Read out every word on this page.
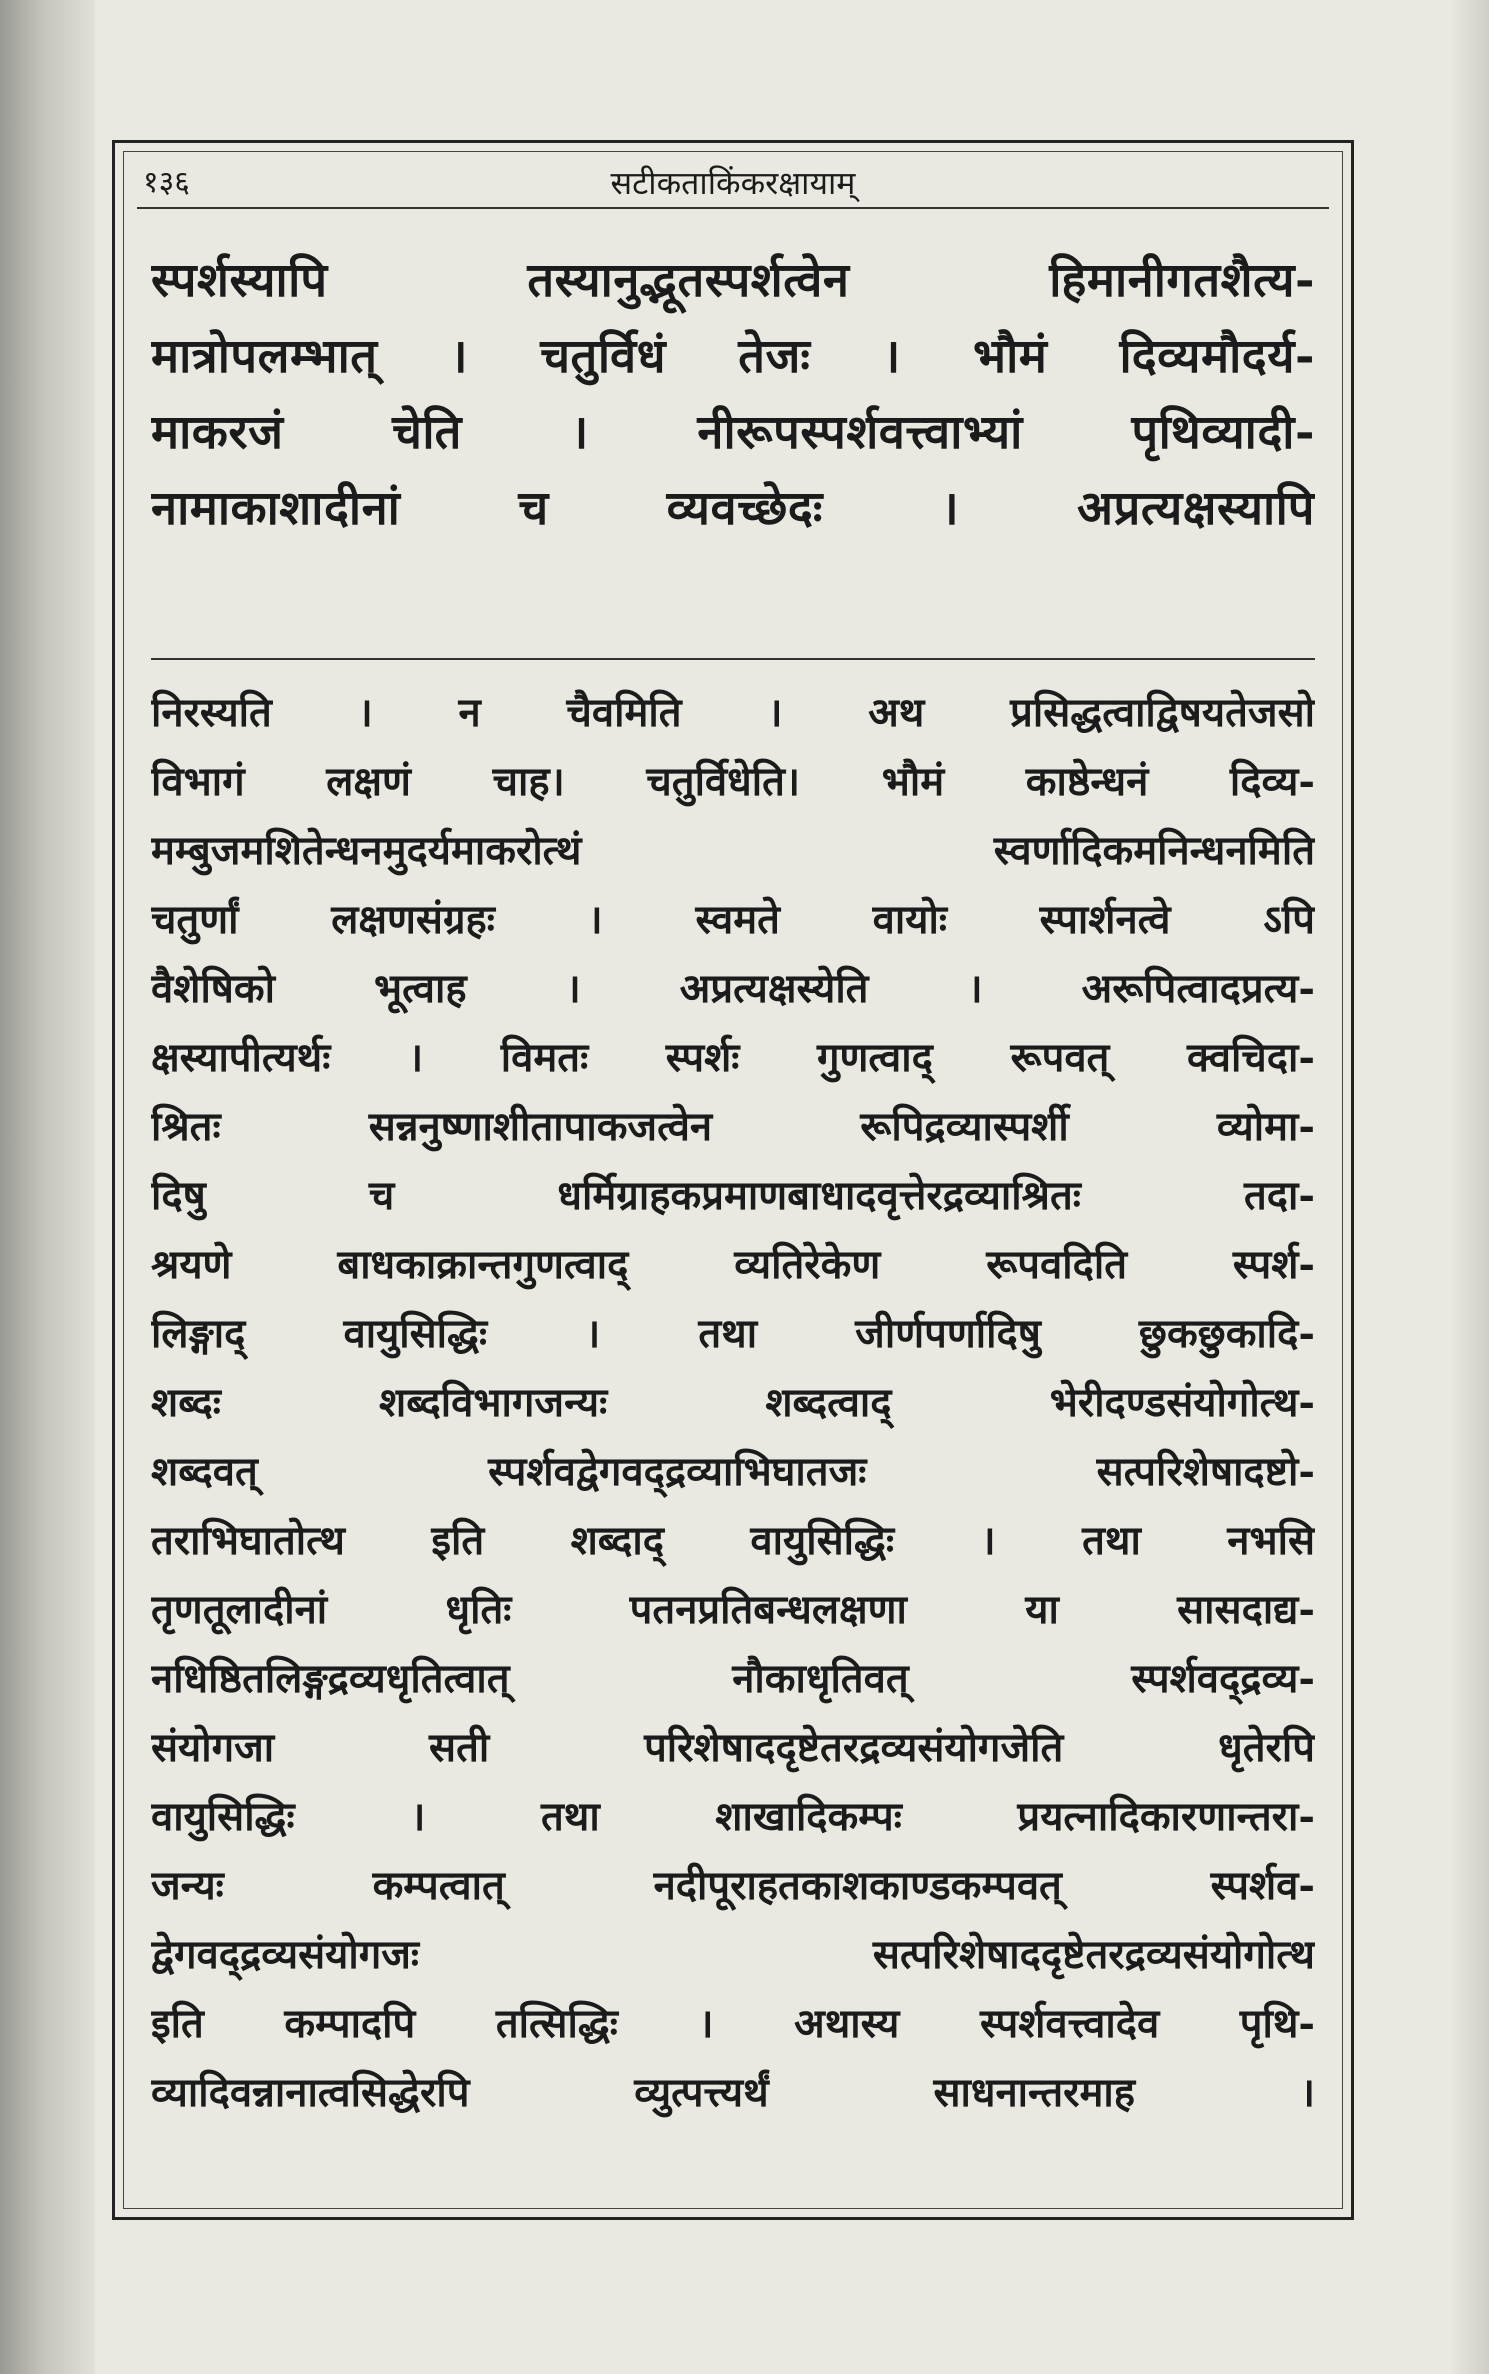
१३६	सटीकताकिंकरक्षायाम्
स्पर्शस्यापि तस्यानुद्भूतस्पर्शत्वेन हिमानीगतशैत्य-
मात्रोपलम्भात् । चतुर्विधं तेजः । भौमं दिव्यमौदर्य-
माकरजं चेति । नीरूपस्पर्शवत्त्वाभ्यां पृथिव्यादी-
नामाकाशादीनां च व्यवच्छेदः । अप्रत्यक्षस्यापि
निरस्यति । न चैवमिति । अथ प्रसिद्धत्वाद्विषयतेजसो
विभागं लक्षणं चाह। चतुर्विधेति। भौमं काष्ठेन्धनं दिव्य-
मम्बुजमशितेन्धनमुदर्यमाकरोत्थं स्वर्णादिकमनिन्धनमिति
चतुर्णां लक्षणसंग्रहः । स्वमते वायोः स्पार्शनत्वे ऽपि
वैशेषिको भूत्वाह । अप्रत्यक्षस्येति । अरूपित्वादप्रत्य-
क्षस्यापीत्यर्थः । विमतः स्पर्शः गुणत्वाद् रूपवत् क्वचिदा-
श्रितः सन्ननुष्णाशीतापाकजत्वेन रूपिद्रव्यास्पर्शी व्योमा-
दिषु च धर्मिग्राहकप्रमाणबाधादवृत्तेरद्रव्याश्रितः तदा-
श्रयणे बाधकाक्रान्तगुणत्वाद् व्यतिरेकेण रूपवदिति स्पर्श-
लिङ्गाद् वायुसिद्धिः । तथा जीर्णपर्णादिषु छुकछुकादि-
शब्दः शब्दविभागजन्यः शब्दत्वाद् भेरीदण्डसंयोगोत्थ-
शब्दवत् स्पर्शवद्वेगवद्द्रव्याभिघातजः सत्परिशेषादष्टो-
तराभिघातोत्थ इति शब्दाद् वायुसिद्धिः । तथा नभसि
तृणतूलादीनां धृतिः पतनप्रतिबन्धलक्षणा या सासदाद्य-
नधिष्ठितलिङ्गद्रव्यधृतित्वात् नौकाधृतिवत् स्पर्शवद्द्रव्य-
संयोगजा सती परिशेषाददृष्टेतरद्रव्यसंयोगजेति धृतेरपि
वायुसिद्धिः । तथा शाखादिकम्पः प्रयत्नादिकारणान्तरा-
जन्यः कम्पत्वात् नदीपूराहतकाशकाण्डकम्पवत् स्पर्शव-
द्वेगवद्द्रव्यसंयोगजः सत्परिशेषाददृष्टेतरद्रव्यसंयोगोत्थ
इति कम्पादपि तत्सिद्धिः । अथास्य स्पर्शवत्त्वादेव पृथि-
व्यादिवन्नानात्वसिद्धेरपि व्युत्पत्त्यर्थं साधनान्तरमाह ।
